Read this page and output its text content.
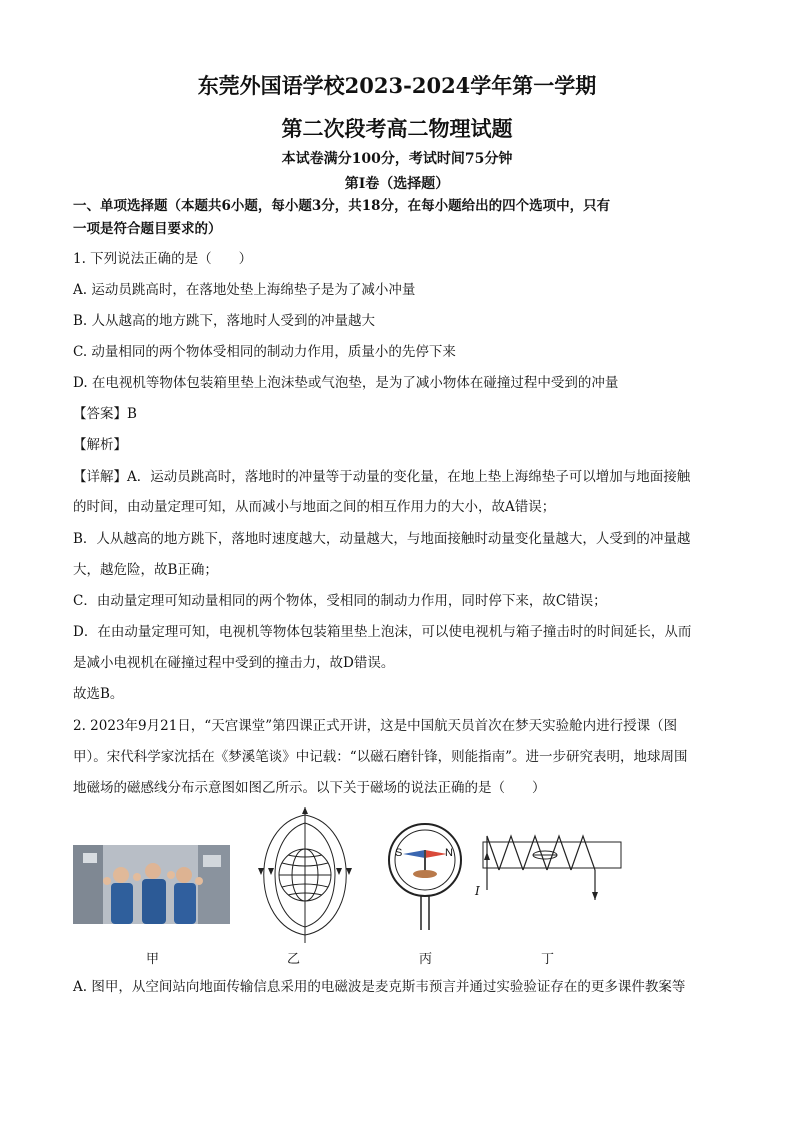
东莞外国语学校2023-2024学年第一学期
第二次段考高二物理试题
本试卷满分100分，考试时间75分钟
第Ⅰ卷（选择题）
一、单项选择题（本题共6小题，每小题3分，共18分，在每小题给出的四个选项中，只有
一项是符合题目要求的）
1. 下列说法正确的是（　　）
A. 运动员跳高时，在落地处垫上海绵垫子是为了减小冲量
B. 人从越高的地方跳下，落地时人受到的冲量越大
C. 动量相同的两个物体受相同的制动力作用，质量小的先停下来
D. 在电视机等物体包装箱里垫上泡沫垫或气泡垫，是为了减小物体在碰撞过程中受到的冲量
【答案】B
【解析】
【详解】A．运动员跳高时，落地时的冲量等于动量的变化量，在地上垫上海绵垫子可以增加与地面接触
的时间，由动量定理可知，从而减小与地面之间的相互作用力的大小，故A错误；
B．人从越高的地方跳下，落地时速度越大，动量越大，与地面接触时动量变化量越大，人受到的冲量越
大，越危险，故B正确；
C．由动量定理可知动量相同的两个物体，受相同的制动力作用，同时停下来，故C错误；
D．在由动量定理可知，电视机等物体包装箱里垫上泡沫，可以使电视机与箱子撞击时的时间延长，从而
是减小电视机在碰撞过程中受到的撞击力，故D错误。
故选B。
2. 2023年9月21日，“天宫课堂”第四课正式开讲，这是中国航天员首次在梦天实验舱内进行授课（图
甲）。宋代科学家沈括在《梦溪笔谈》中记载：“以磁石磨针锋，则能指南”。进一步研究表明，地球周围
地磁场的磁感线分布示意图如图乙所示。以下关于磁场的说法正确的是（　　）
S	N
I
甲	乙	丙	丁
A. 图甲，从空间站向地面传输信息采用的电磁波是麦克斯韦预言并通过实验验证存在的更多课件教案等
